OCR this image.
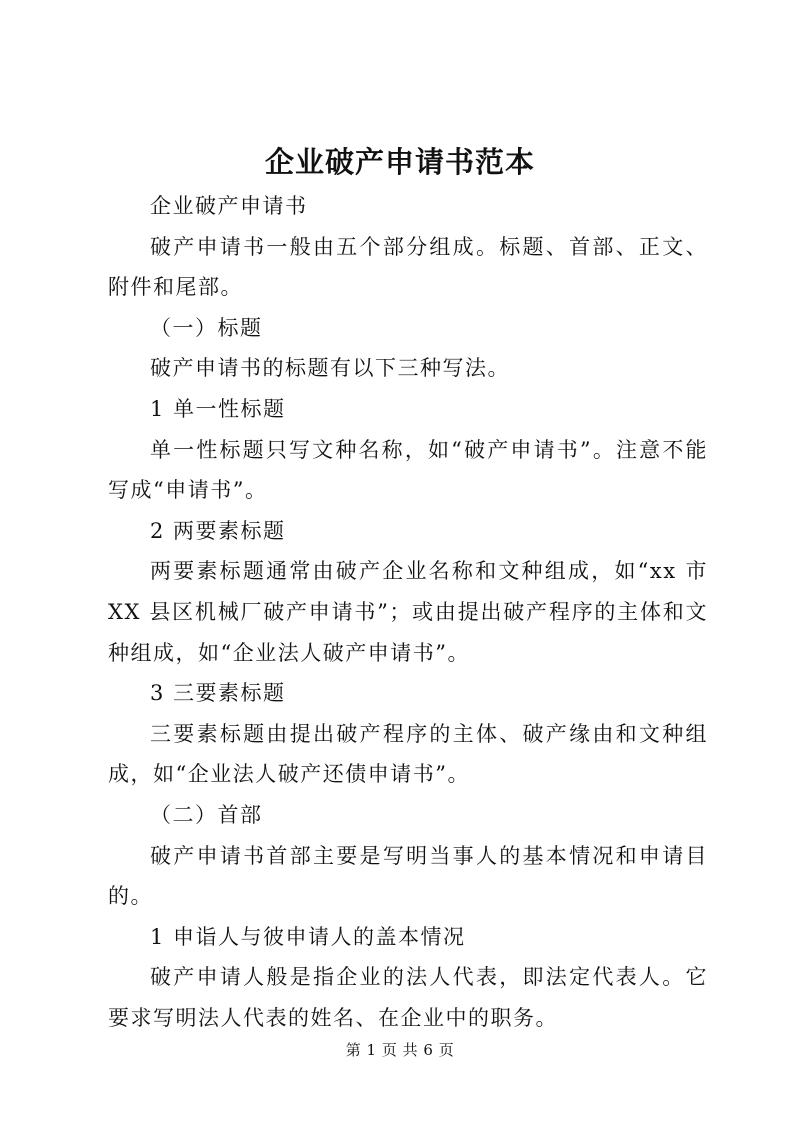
企业破产申请书范本

企业破产申请书

破产申请书一般由五个部分组成。标题、首部、正文、附件和尾部。

（一）标题

破产申请书的标题有以下三种写法。

1 单一性标题

单一性标题只写文种名称，如“破产申请书”。注意不能写成“申请书”。

2 两要素标题

两要素标题通常由破产企业名称和文种组成，如“xx 市 XX 县区机械厂破产申请书”；或由提出破产程序的主体和文种组成，如“企业法人破产申请书”。

3 三要素标题

三要素标题由提出破产程序的主体、破产缘由和文种组成，如“企业法人破产还债申请书”。

（二）首部

破产申请书首部主要是写明当事人的基本情况和申请目的。

1 申诣人与彼申请人的盖本情况

破产申请人般是指企业的法人代表，即法定代表人。它要求写明法人代表的姓名、在企业中的职务。

第 1 页 共 6 页
